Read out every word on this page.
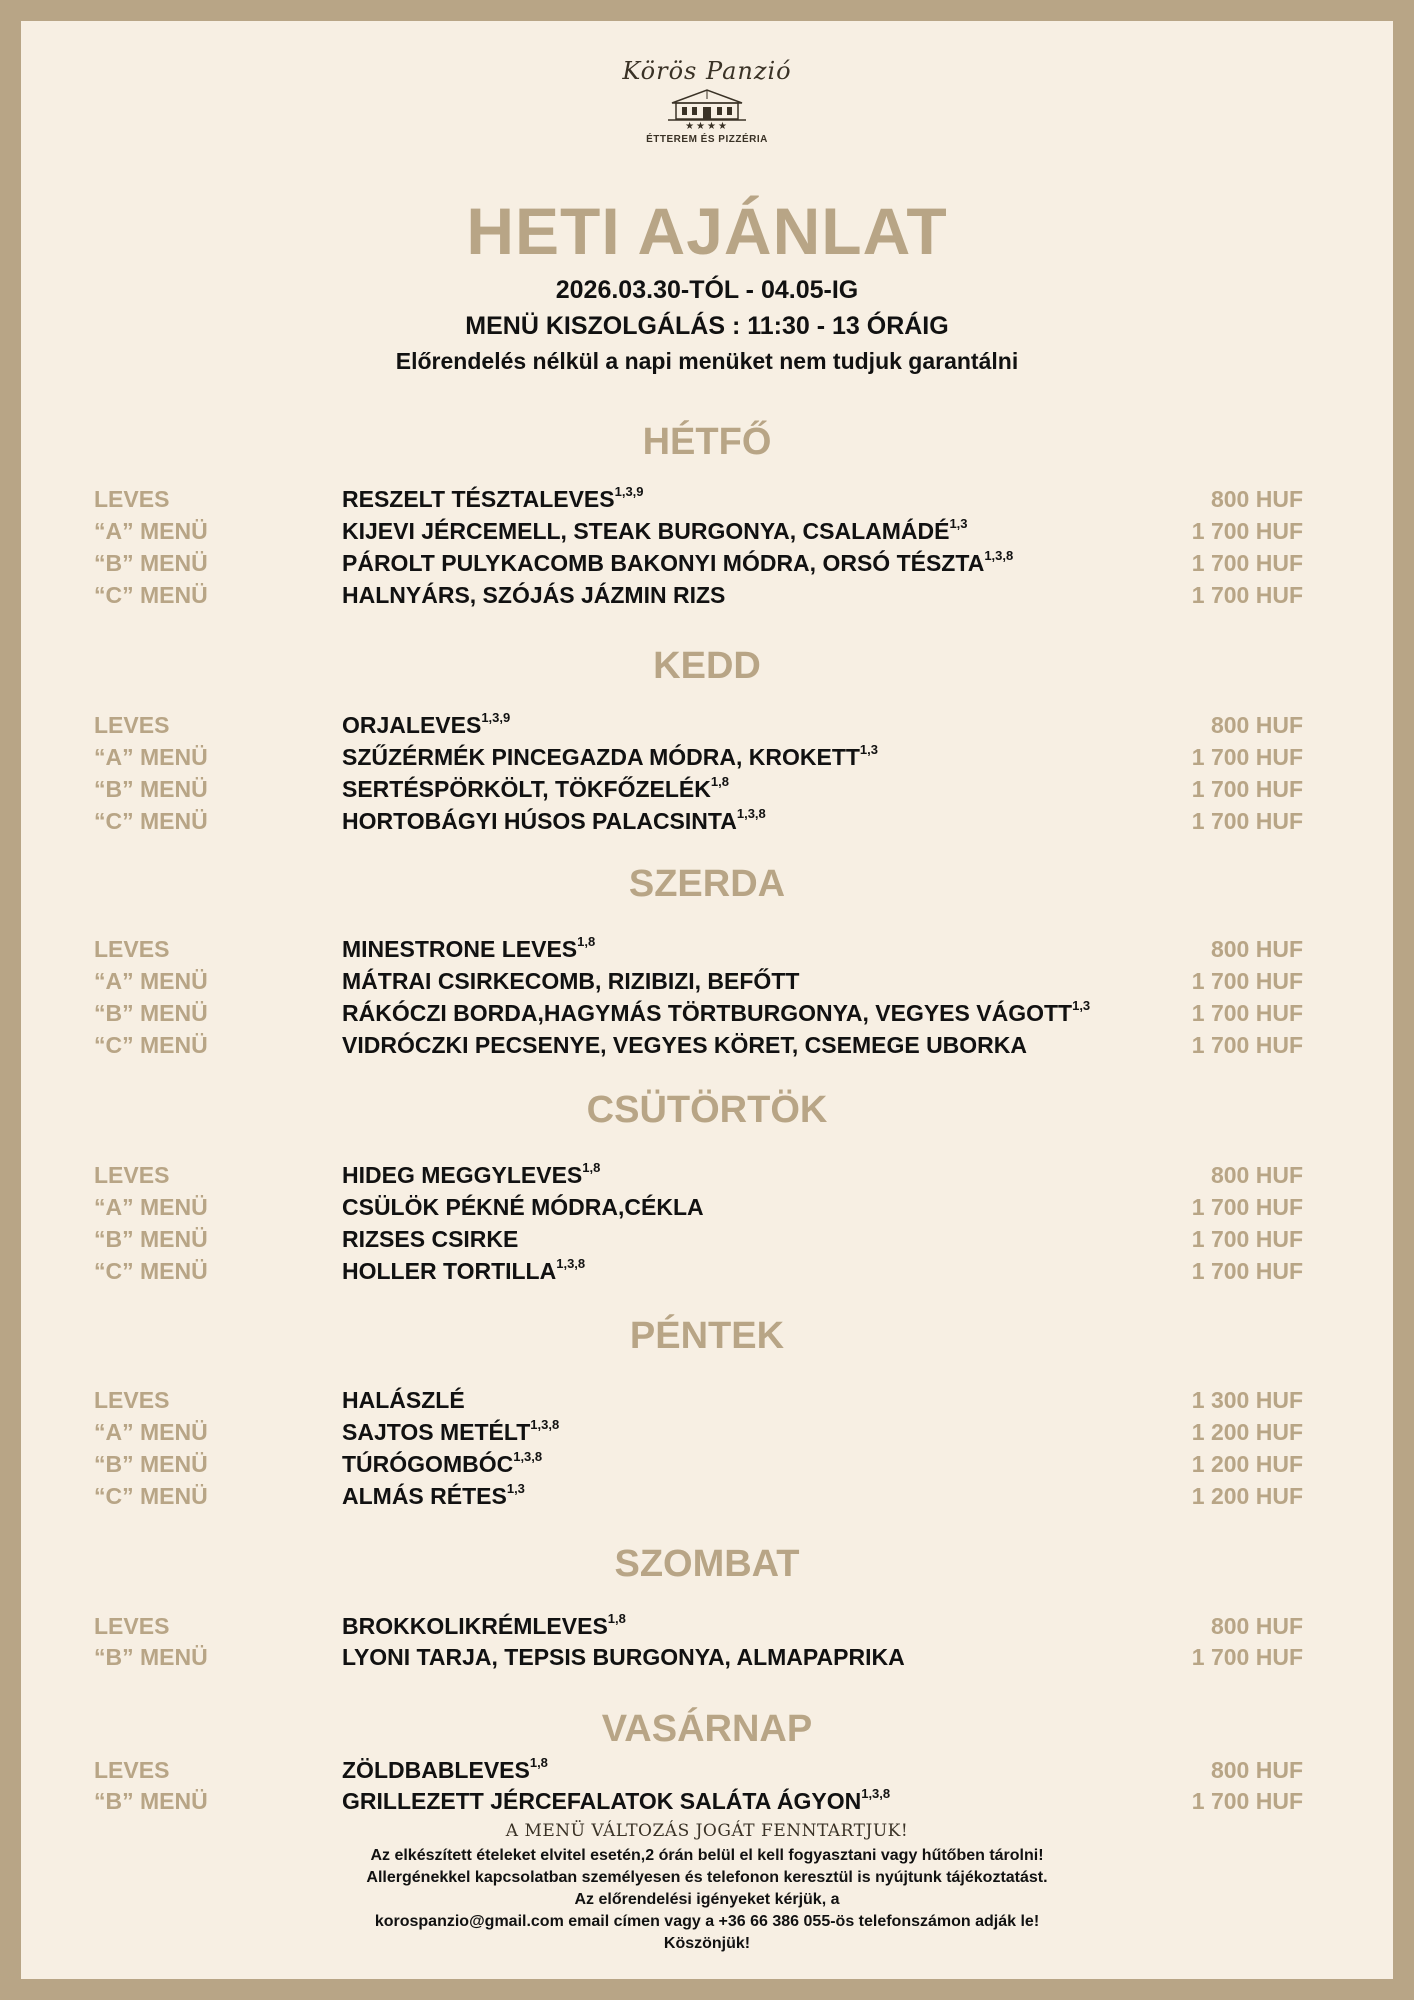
Körös Panzió
★★★★
ÉTTEREM ÉS PIZZÉRIA
HETI AJÁNLAT
2026.03.30-TÓL - 04.05-IG
MENÜ KISZOLGÁLÁS : 11:30 - 13 ÓRÁIG
Előrendelés nélkül a napi menüket nem tudjuk garantálni
HÉTFŐ
LEVES	RESZELT TÉSZTALEVES$^{1,3,9}$	800 HUF
“A” MENÜ	KIJEVI JÉRCEMELL, STEAK BURGONYA, CSALAMÁDÉ$^{1,3}$	1 700 HUF
“B” MENÜ	PÁROLT PULYKACOMB BAKONYI MÓDRA, ORSÓ TÉSZTA$^{1,3,8}$	1 700 HUF
“C” MENÜ	HALNYÁRS, SZÓJÁS JÁZMIN RIZS	1 700 HUF
KEDD
LEVES	ORJALEVES$^{1,3,9}$	800 HUF
“A” MENÜ	SZŰZÉRMÉK PINCEGAZDA MÓDRA, KROKETT$^{1,3}$	1 700 HUF
“B” MENÜ	SERTÉSPÖRKÖLT, TÖKFŐZELÉK$^{1,8}$	1 700 HUF
“C” MENÜ	HORTOBÁGYI HÚSOS PALACSINTA$^{1,3,8}$	1 700 HUF
SZERDA
LEVES	MINESTRONE LEVES$^{1,8}$	800 HUF
“A” MENÜ	MÁTRAI CSIRKECOMB, RIZIBIZI, BEFŐTT	1 700 HUF
“B” MENÜ	RÁKÓCZI BORDA,HAGYMÁS TÖRTBURGONYA, VEGYES VÁGOTT$^{1,3}$	1 700 HUF
“C” MENÜ	VIDRÓCZKI PECSENYE, VEGYES KÖRET, CSEMEGE UBORKA	1 700 HUF
CSÜTÖRTÖK
LEVES	HIDEG MEGGYLEVES$^{1,8}$	800 HUF
“A” MENÜ	CSÜLÖK PÉKNÉ MÓDRA,CÉKLA	1 700 HUF
“B” MENÜ	RIZSES CSIRKE	1 700 HUF
“C” MENÜ	HOLLER TORTILLA$^{1,3,8}$	1 700 HUF
PÉNTEK
LEVES	HALÁSZLÉ	1 300 HUF
“A” MENÜ	SAJTOS METÉLT$^{1,3,8}$	1 200 HUF
“B” MENÜ	TÚRÓGOMBÓC$^{1,3,8}$	1 200 HUF
“C” MENÜ	ALMÁS RÉTES$^{1,3}$	1 200 HUF
SZOMBAT
LEVES	BROKKOLIKRÉMLEVES$^{1,8}$	800 HUF
“B” MENÜ	LYONI TARJA, TEPSIS BURGONYA, ALMAPAPRIKA	1 700 HUF
VASÁRNAP
LEVES	ZÖLDBABLEVES$^{1,8}$	800 HUF
“B” MENÜ	GRILLEZETT JÉRCEFALATOK SALÁTA ÁGYON$^{1,3,8}$	1 700 HUF
A MENÜ VÁLTOZÁS JOGÁT FENNTARTJUK!
Az elkészített ételeket elvitel esetén,2 órán belül el kell fogyasztani vagy hűtőben tárolni!
Allergénekkel kapcsolatban személyesen és telefonon keresztül is nyújtunk tájékoztatást.
Az előrendelési igényeket kérjük, a
korospanzio@gmail.com email címen vagy a +36 66 386 055-ös telefonszámon adják le!
Köszönjük!
